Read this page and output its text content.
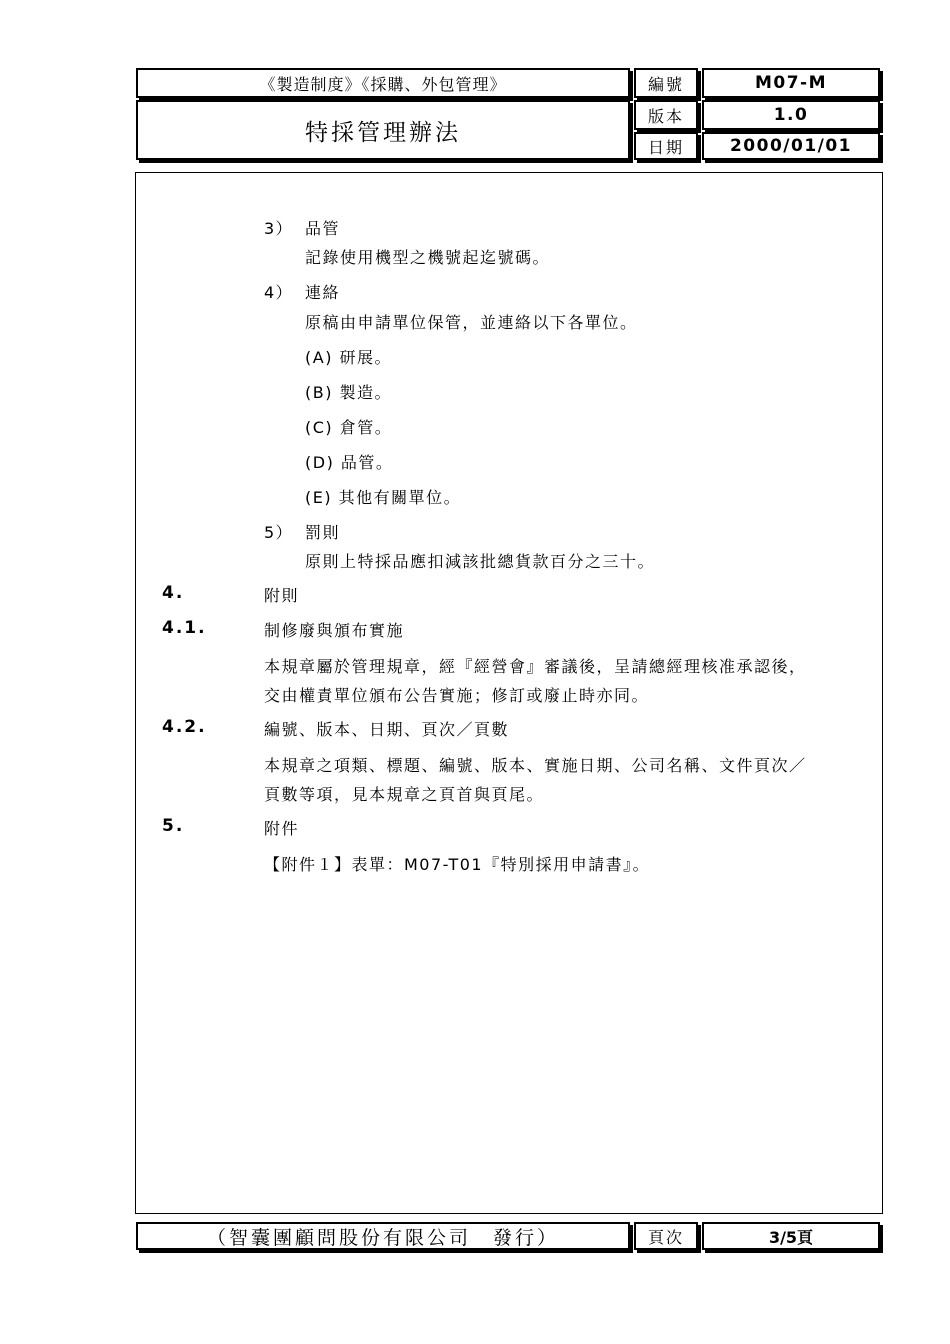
《製造制度》《採購、外包管理》
特採管理辦法
編號	M07-M
版本	1.0
日期	2000/01/01
3） 品管
記錄使用機型之機號起迄號碼。
4） 連絡
原稿由申請單位保管，並連絡以下各單位。
(A) 研展。
(B) 製造。
(C) 倉管。
(D) 品管。
(E) 其他有關單位。
5） 罰則
原則上特採品應扣減該批總貨款百分之三十。
4.	附則
4.1.	制修廢與頒布實施
本規章屬於管理規章，經『經營會』審議後，呈請總經理核准承認後，
交由權責單位頒布公告實施；修訂或廢止時亦同。
4.2.	編號、版本、日期、頁次／頁數
本規章之項類、標題、編號、版本、實施日期、公司名稱、文件頁次／
頁數等項，見本規章之頁首與頁尾。
5.	附件
【附件１】表單：M07-T01『特別採用申請書』。
（智囊團顧問股份有限公司　發行）	頁次	3/5頁
